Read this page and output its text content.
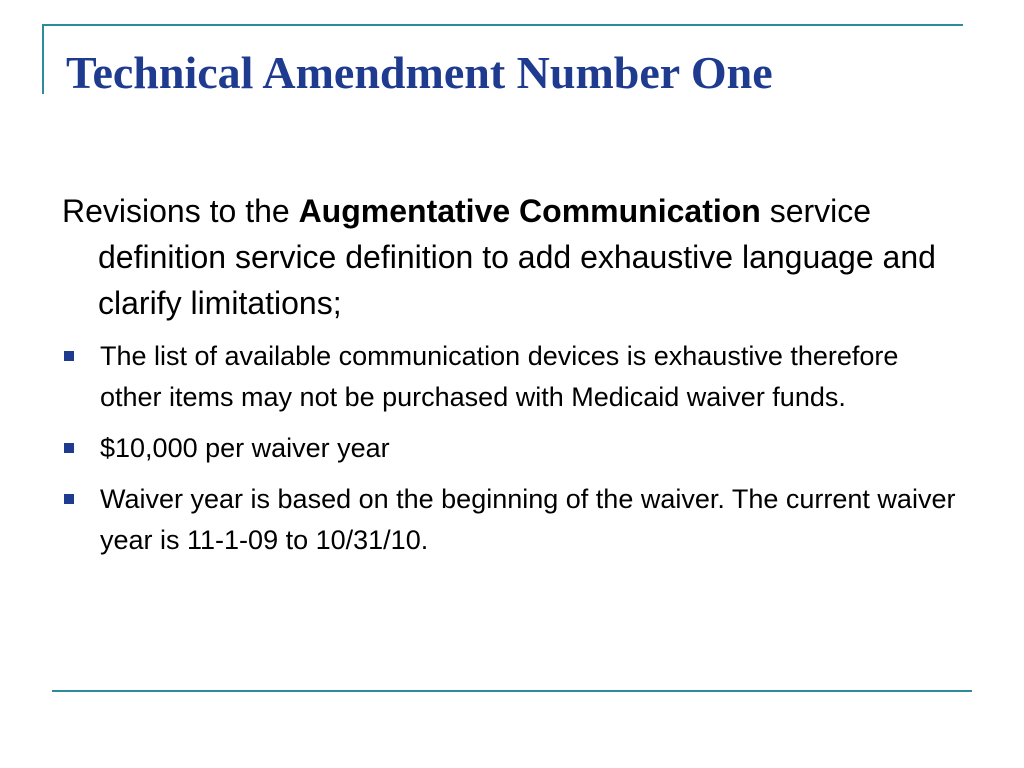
Technical Amendment Number One

Revisions to the Augmentative Communication service definition service definition to add exhaustive language and clarify limitations;

The list of available communication devices is exhaustive therefore other items may not be purchased with Medicaid waiver funds.
$10,000 per waiver year
Waiver year is based on the beginning of the waiver. The current waiver year is 11-1-09 to 10/31/10.
